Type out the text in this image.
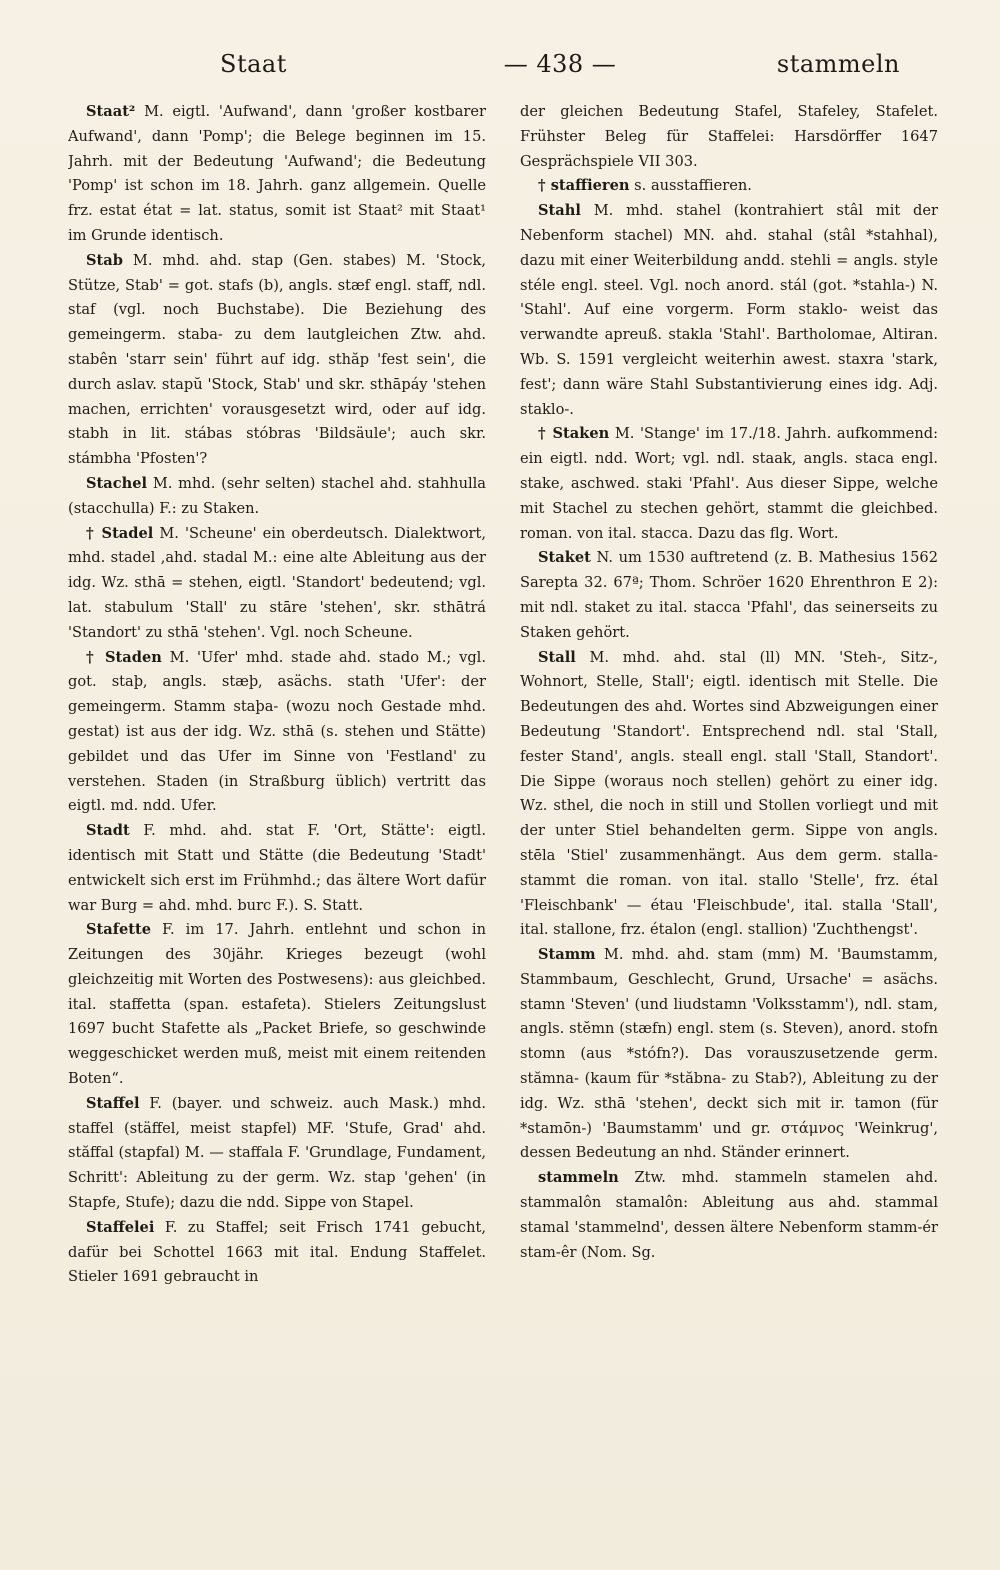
Staat	— 438 —	stammeln

Staat² M. eigtl. 'Aufwand', dann 'großer kostbarer Aufwand', dann 'Pomp'; die Belege beginnen im 15. Jahrh. mit der Bedeutung 'Aufwand'; die Bedeutung 'Pomp' ist schon im 18. Jahrh. ganz allgemein. Quelle frz. estat état = lat. status, somit ist Staat² mit Staat¹ im Grunde identisch.

Stab M. mhd. ahd. stap (Gen. stabes) M. 'Stock, Stütze, Stab' = got. stafs (b), angls. stæf engl. staff, ndl. staf (vgl. noch Buchstabe). Die Beziehung des gemeingerm. staba- zu dem lautgleichen Ztw. ahd. stabên 'starr sein' führt auf idg. sthăp 'fest sein', die durch aslav. stapŭ 'Stock, Stab' und skr. sthāpáy 'stehen machen, errichten' vorausgesetzt wird, oder auf idg. stabh in lit. stábas stóbras 'Bildsäule'; auch skr. stámbha 'Pfosten'?

Stachel M. mhd. (sehr selten) stachel ahd. stahhulla (stacchulla) F.: zu Staken.

† Stadel M. 'Scheune' ein oberdeutsch. Dialektwort, mhd. stadel ,ahd. stadal M.: eine alte Ableitung aus der idg. Wz. sthā = stehen, eigtl. 'Standort' bedeutend; vgl. lat. stabulum 'Stall' zu stāre 'stehen', skr. sthātrá 'Standort' zu sthā 'stehen'. Vgl. noch Scheune.

† Staden M. 'Ufer' mhd. stade ahd. stado M.; vgl. got. staþ, angls. stæþ, asächs. stath 'Ufer': der gemeingerm. Stamm staþa- (wozu noch Gestade mhd. gestat) ist aus der idg. Wz. sthā (s. stehen und Stätte) gebildet und das Ufer im Sinne von 'Festland' zu verstehen. Staden (in Straßburg üblich) vertritt das eigtl. md. ndd. Ufer.

Stadt F. mhd. ahd. stat F. 'Ort, Stätte': eigtl. identisch mit Statt und Stätte (die Bedeutung 'Stadt' entwickelt sich erst im Frühmhd.; das ältere Wort dafür war Burg = ahd. mhd. burc F.). S. Statt.

Stafette F. im 17. Jahrh. entlehnt und schon in Zeitungen des 30jähr. Krieges bezeugt (wohl gleichzeitig mit Worten des Postwesens): aus gleichbed. ital. staffetta (span. estafeta). Stielers Zeitungslust 1697 bucht Stafette als „Packet Briefe, so geschwinde weggeschicket werden muß, meist mit einem reitenden Boten“.

Staffel F. (bayer. und schweiz. auch Mask.) mhd. staffel (stäffel, meist stapfel) MF. 'Stufe, Grad' ahd. stăffal (stapfal) M. — staffala F. 'Grundlage, Fundament, Schritt': Ableitung zu der germ. Wz. stap 'gehen' (in Stapfe, Stufe); dazu die ndd. Sippe von Stapel.

Staffelei F. zu Staffel; seit Frisch 1741 gebucht, dafür bei Schottel 1663 mit ital. Endung Staffelet. Stieler 1691 gebraucht in

der gleichen Bedeutung Stafel, Stafeley, Stafelet. Frühster Beleg für Staffelei: Harsdörffer 1647 Gesprächspiele VII 303.

† staffieren s. ausstaffieren.

Stahl M. mhd. stahel (kontrahiert stâl mit der Nebenform stachel) MN. ahd. stahal (stâl *stahhal), dazu mit einer Weiterbildung andd. stehli = angls. style stéle engl. steel. Vgl. noch anord. stál (got. *stahla-) N. 'Stahl'. Auf eine vorgerm. Form staklo- weist das verwandte apreuß. stakla 'Stahl'. Bartholomae, Altiran. Wb. S. 1591 vergleicht weiterhin awest. staxra 'stark, fest'; dann wäre Stahl Substantivierung eines idg. Adj. staklo-.

† Staken M. 'Stange' im 17./18. Jahrh. aufkommend: ein eigtl. ndd. Wort; vgl. ndl. staak, angls. staca engl. stake, aschwed. staki 'Pfahl'. Aus dieser Sippe, welche mit Stachel zu stechen gehört, stammt die gleichbed. roman. von ital. stacca. Dazu das flg. Wort.

Staket N. um 1530 auftretend (z. B. Mathesius 1562 Sarepta 32. 67ª; Thom. Schröer 1620 Ehrenthron E 2): mit ndl. staket zu ital. stacca 'Pfahl', das seinerseits zu Staken gehört.

Stall M. mhd. ahd. stal (ll) MN. 'Steh-, Sitz-, Wohnort, Stelle, Stall'; eigtl. identisch mit Stelle. Die Bedeutungen des ahd. Wortes sind Abzweigungen einer Bedeutung 'Standort'. Entsprechend ndl. stal 'Stall, fester Stand', angls. steall engl. stall 'Stall, Standort'. Die Sippe (woraus noch stellen) gehört zu einer idg. Wz. sthel, die noch in still und Stollen vorliegt und mit der unter Stiel behandelten germ. Sippe von angls. stēla 'Stiel' zusammenhängt. Aus dem germ. stalla- stammt die roman. von ital. stallo 'Stelle', frz. étal 'Fleischbank' — étau 'Fleischbude', ital. stalla 'Stall', ital. stallone, frz. étalon (engl. stallion) 'Zuchthengst'.

Stamm M. mhd. ahd. stam (mm) M. 'Baumstamm, Stammbaum, Geschlecht, Grund, Ursache' = asächs. stamn 'Steven' (und liudstamn 'Volksstamm'), ndl. stam, angls. stĕmn (stæfn) engl. stem (s. Steven), anord. stofn stomn (aus *stófn?). Das vorauszusetzende germ. stămna- (kaum für *stăbna- zu Stab?), Ableitung zu der idg. Wz. sthā 'stehen', deckt sich mit ir. tamon (für *stamōn-) 'Baumstamm' und gr. στάμνος 'Weinkrug', dessen Bedeutung an nhd. Ständer erinnert.

stammeln Ztw. mhd. stammeln stamelen ahd. stammalôn stamalôn: Ableitung aus ahd. stammal stamal 'stammelnd', dessen ältere Nebenform stamm-ér stam-êr (Nom. Sg.
